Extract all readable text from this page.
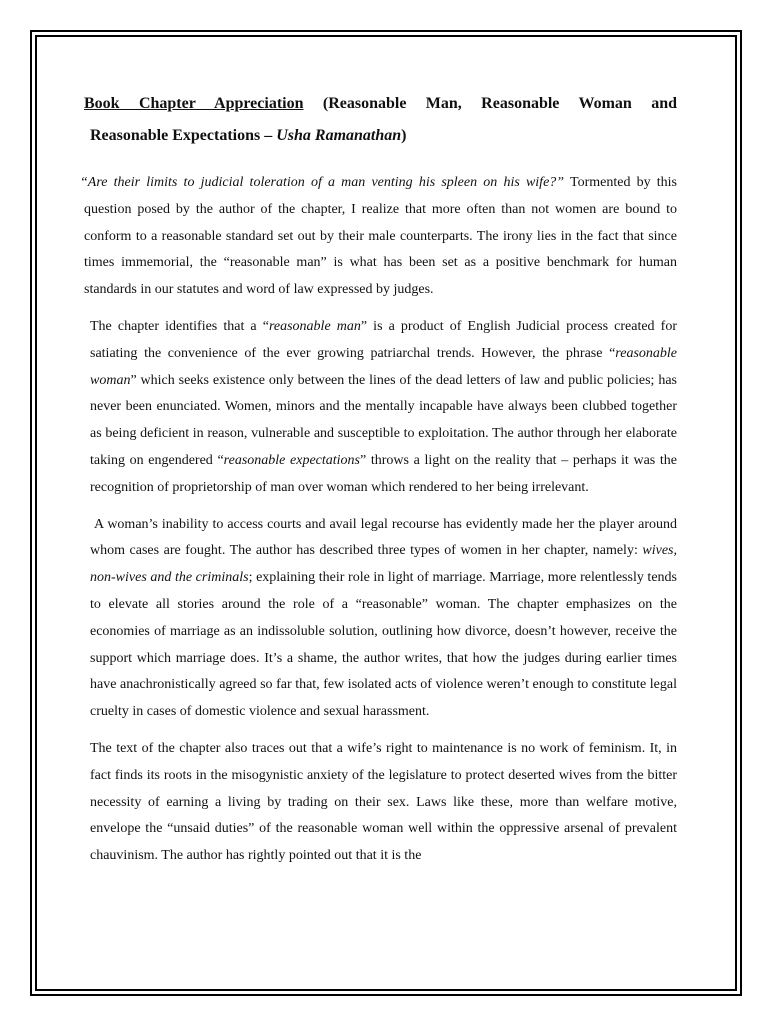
Book Chapter Appreciation (Reasonable Man, Reasonable Woman and
Reasonable Expectations – Usha Ramanathan)

“Are their limits to judicial toleration of a man venting his spleen on his wife?” Tormented by this question posed by the author of the chapter, I realize that more often than not women are bound to conform to a reasonable standard set out by their male counterparts. The irony lies in the fact that since times immemorial, the “reasonable man” is what has been set as a positive benchmark for human standards in our statutes and word of law expressed by judges.

The chapter identifies that a “reasonable man” is a product of English Judicial process created for satiating the convenience of the ever growing patriarchal trends. However, the phrase “reasonable woman” which seeks existence only between the lines of the dead letters of law and public policies; has never been enunciated. Women, minors and the mentally incapable have always been clubbed together as being deficient in reason, vulnerable and susceptible to exploitation. The author through her elaborate taking on engendered “reasonable expectations” throws a light on the reality that – perhaps it was the recognition of proprietorship of man over woman which rendered to her being irrelevant.

A woman’s inability to access courts and avail legal recourse has evidently made her the player around whom cases are fought. The author has described three types of women in her chapter, namely: wives, non-wives and the criminals; explaining their role in light of marriage. Marriage, more relentlessly tends to elevate all stories around the role of a “reasonable” woman. The chapter emphasizes on the economies of marriage as an indissoluble solution, outlining how divorce, doesn’t however, receive the support which marriage does. It’s a shame, the author writes, that how the judges during earlier times have anachronistically agreed so far that, few isolated acts of violence weren’t enough to constitute legal cruelty in cases of domestic violence and sexual harassment.

The text of the chapter also traces out that a wife’s right to maintenance is no work of feminism. It, in fact finds its roots in the misogynistic anxiety of the legislature to protect deserted wives from the bitter necessity of earning a living by trading on their sex. Laws like these, more than welfare motive, envelope the “unsaid duties” of the reasonable woman well within the oppressive arsenal of prevalent chauvinism. The author has rightly pointed out that it is the
